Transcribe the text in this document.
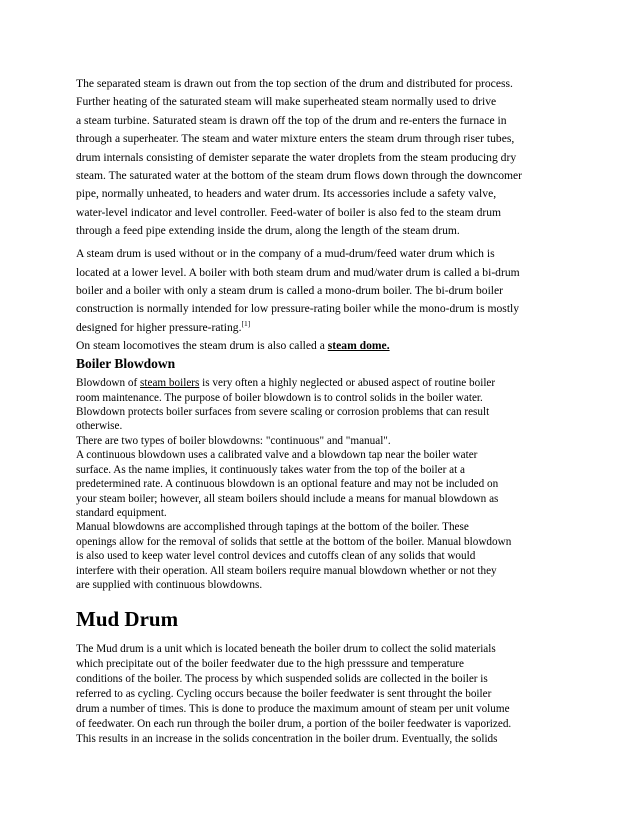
The separated steam is drawn out from the top section of the drum and distributed for process.
Further heating of the saturated steam will make superheated steam normally used to drive
a steam turbine. Saturated steam is drawn off the top of the drum and re-enters the furnace in
through a superheater. The steam and water mixture enters the steam drum through riser tubes,
drum internals consisting of demister separate the water droplets from the steam producing dry
steam. The saturated water at the bottom of the steam drum flows down through the downcomer
pipe, normally unheated, to headers and water drum. Its accessories include a safety valve,
water-level indicator and level controller. Feed-water of boiler is also fed to the steam drum
through a feed pipe extending inside the drum, along the length of the steam drum.
A steam drum is used without or in the company of a mud-drum/feed water drum which is
located at a lower level. A boiler with both steam drum and mud/water drum is called a bi-drum
boiler and a boiler with only a steam drum is called a mono-drum boiler. The bi-drum boiler
construction is normally intended for low pressure-rating boiler while the mono-drum is mostly
designed for higher pressure-rating.[1]
On steam locomotives the steam drum is also called a steam dome.
Boiler Blowdown
Blowdown of steam boilers is very often a highly neglected or abused aspect of routine boiler
room maintenance. The purpose of boiler blowdown is to control solids in the boiler water.
Blowdown protects boiler surfaces from severe scaling or corrosion problems that can result
otherwise.
There are two types of boiler blowdowns: "continuous" and "manual".
A continuous blowdown uses a calibrated valve and a blowdown tap near the boiler water
surface. As the name implies, it continuously takes water from the top of the boiler at a
predetermined rate. A continuous blowdown is an optional feature and may not be included on
your steam boiler; however, all steam boilers should include a means for manual blowdown as
standard equipment.
Manual blowdowns are accomplished through tapings at the bottom of the boiler. These
openings allow for the removal of solids that settle at the bottom of the boiler. Manual blowdown
is also used to keep water level control devices and cutoffs clean of any solids that would
interfere with their operation. All steam boilers require manual blowdown whether or not they
are supplied with continuous blowdowns.
Mud Drum
The Mud drum is a unit which is located beneath the boiler drum to collect the solid materials
which precipitate out of the boiler feedwater due to the high presssure and temperature
conditions of the boiler. The process by which suspended solids are collected in the boiler is
referred to as cycling. Cycling occurs because the boiler feedwater is sent throught the boiler
drum a number of times. This is done to produce the maximum amount of steam per unit volume
of feedwater. On each run through the boiler drum, a portion of the boiler feedwater is vaporized.
This results in an increase in the solids concentration in the boiler drum. Eventually, the solids
